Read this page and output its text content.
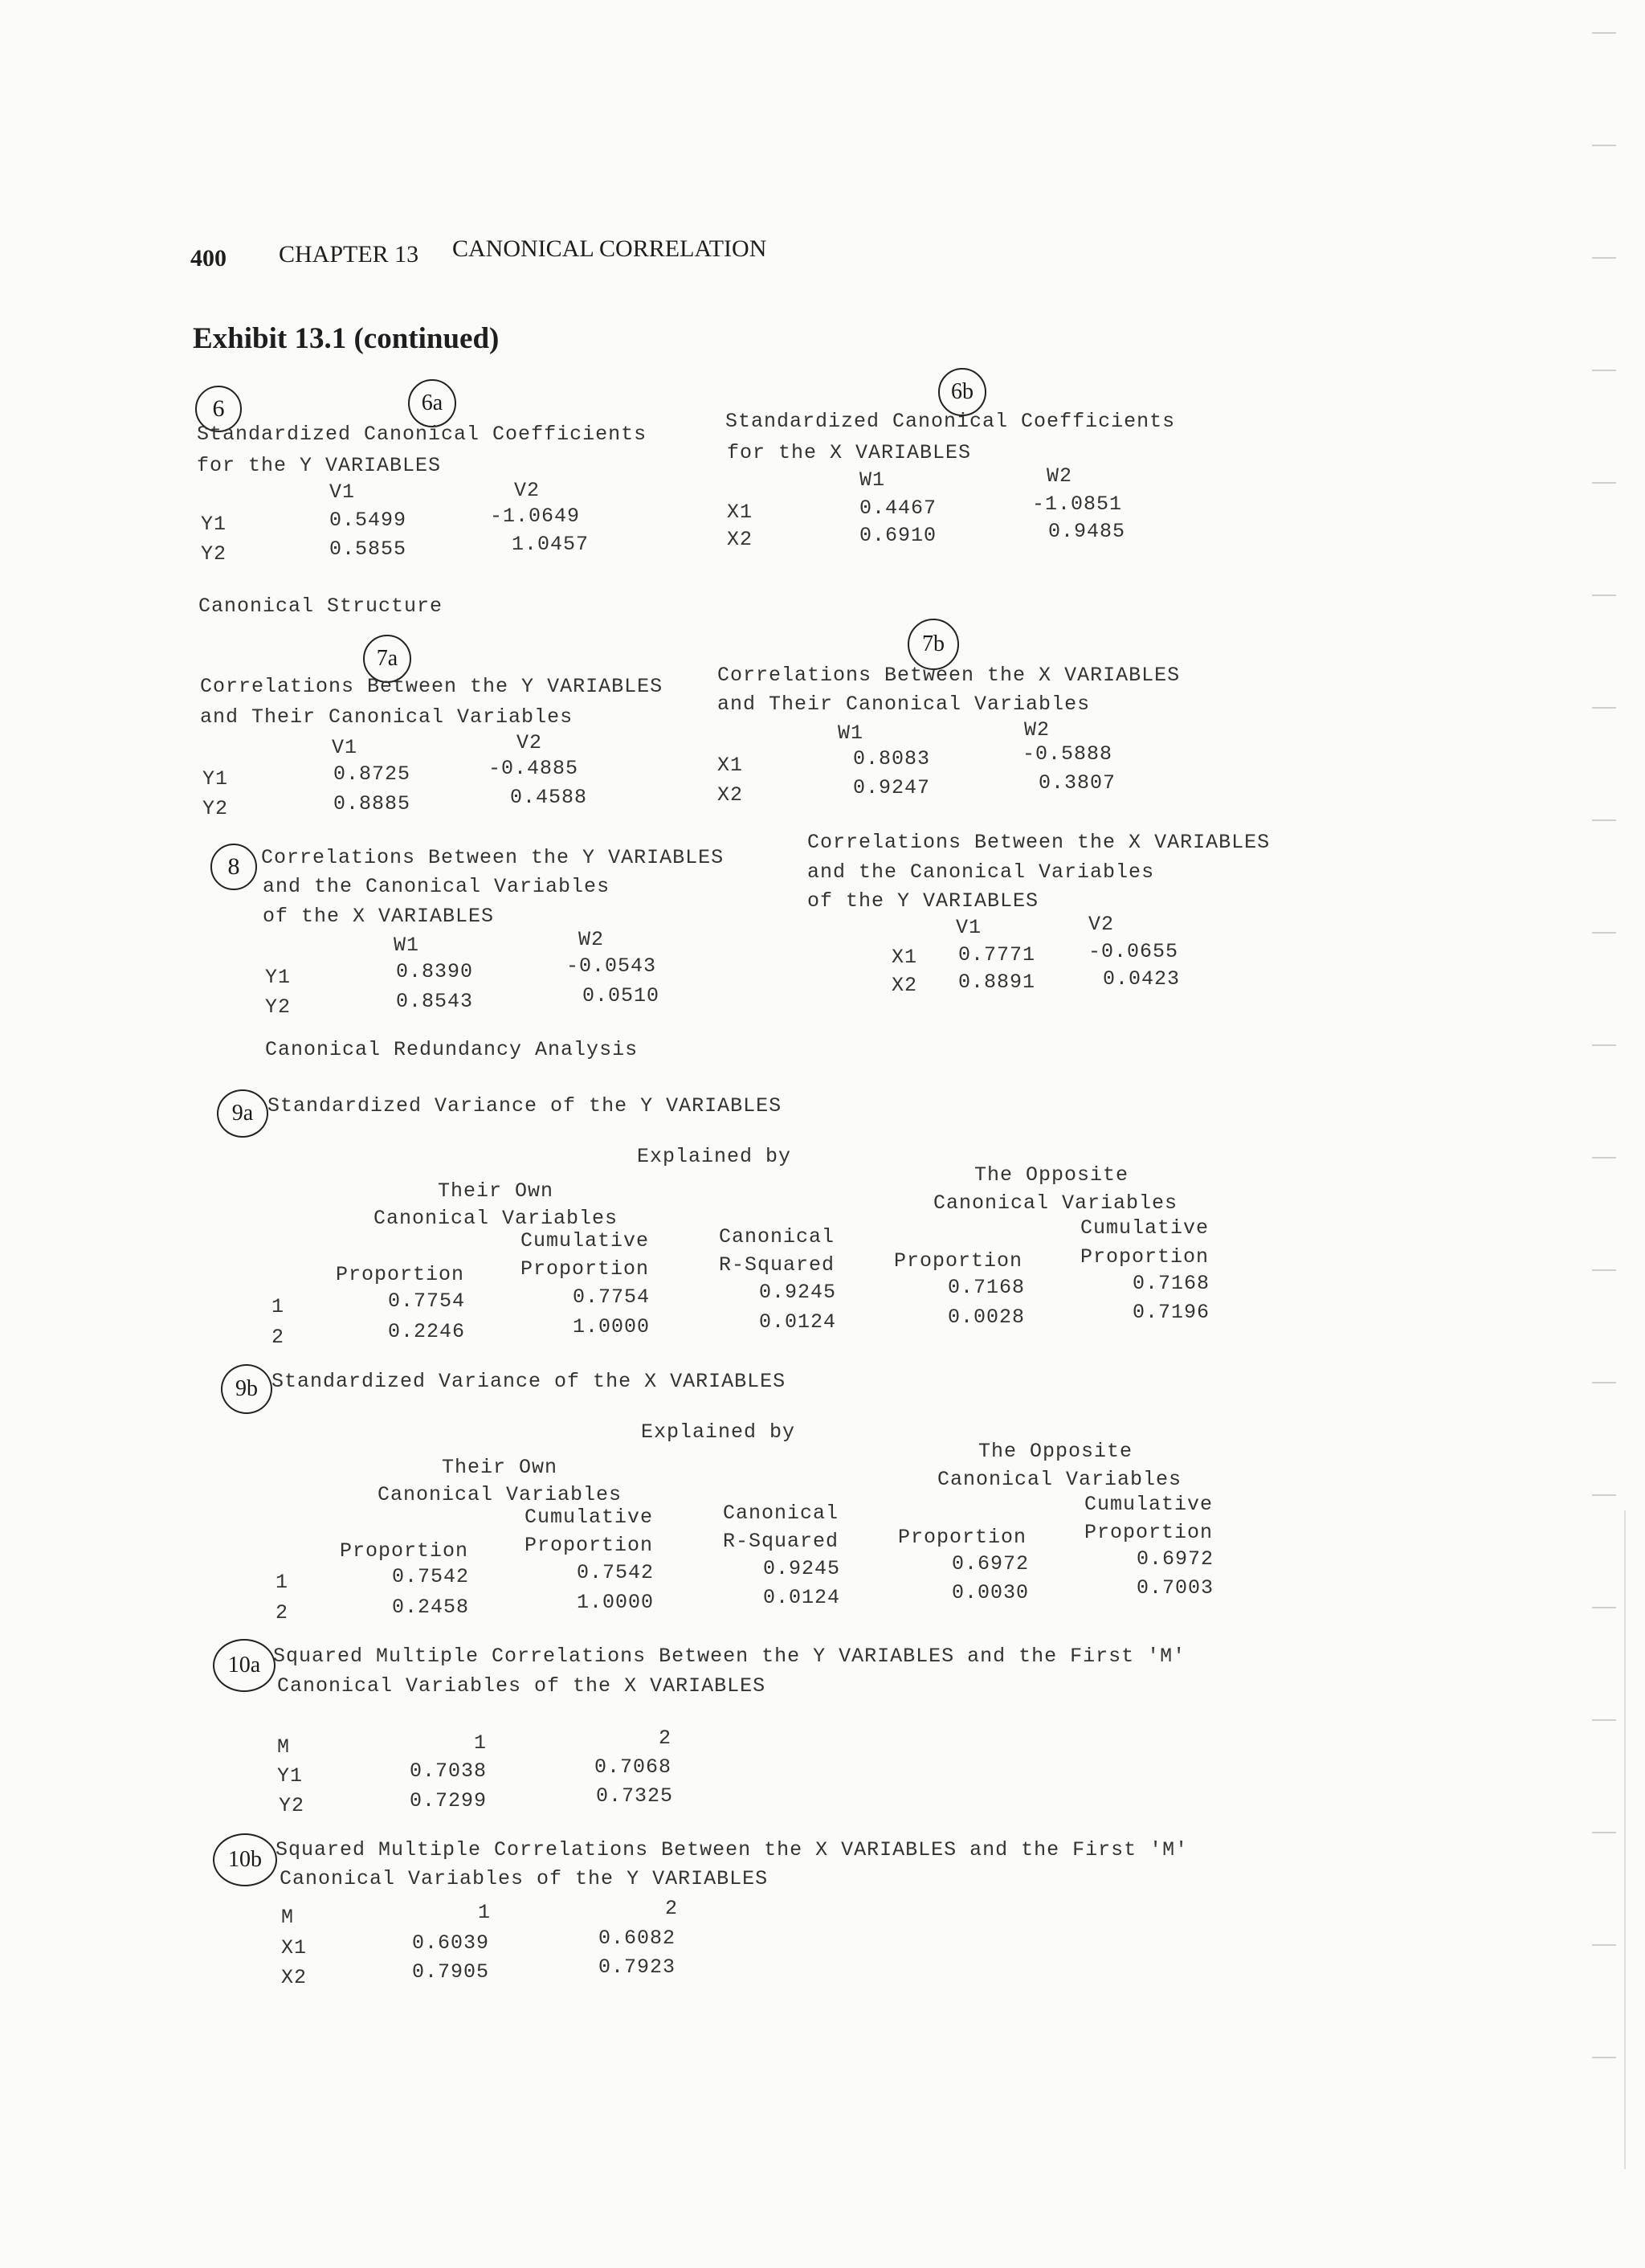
400 CHAPTER 13 CANONICAL CORRELATION
Exhibit 13.1 (continued)
6	6a	6b
Standardized Canonical Coefficients
for the Y VARIABLES
V1	V2
Y1	0.5499	-1.0649
Y2	0.5855	1.0457
Standardized Canonical Coefficients
for the X VARIABLES
W1	W2
X1	0.4467	-1.0851
X2	0.6910	0.9485
Canonical Structure
7a
7b
Correlations Between the Y VARIABLES
and Their Canonical Variables
V1	V2
Y1	0.8725	-0.4885
Y2	0.8885	0.4588
Correlations Between the X VARIABLES
and Their Canonical Variables
W1	W2
X1	0.8083	-0.5888
X2	0.9247	0.3807
8	Correlations Between the Y VARIABLES
and the Canonical Variables
of the X VARIABLES
W1	W2
Y1	0.8390	-0.0543
Y2	0.8543	0.0510
Correlations Between the X VARIABLES
and the Canonical Variables
of the Y VARIABLES
V1	V2
X1 0.7771	-0.0655
X2 0.8891	0.0423
Canonical Redundancy Analysis
9a Standardized Variance of the Y VARIABLES
Explained by
Their Own
Canonical Variables
The Opposite
Canonical Variables
Cumulative	Canonical	Cumulative
Proportion	Proportion	R-Squared	Proportion	Proportion
1	0.7754	0.7754	0.9245	0.7168	0.7168
2	0.2246	1.0000	0.0124	0.0028	0.7196
9b Standardized Variance of the X VARIABLES
Explained by
Their Own
Canonical Variables
The Opposite
Canonical Variables
Cumulative	Canonical	Cumulative
Proportion	Proportion	R-Squared	Proportion	Proportion
1	0.7542	0.7542	0.9245	0.6972	0.6972
2	0.2458	1.0000	0.0124	0.0030	0.7003
10a Squared Multiple Correlations Between the Y VARIABLES and the First 'M'
Canonical Variables of the X VARIABLES
M	1	2
Y1	0.7038	0.7068
Y2	0.7299	0.7325
10b Squared Multiple Correlations Between the X VARIABLES and the First 'M'
Canonical Variables of the Y VARIABLES
M	1	2
X1	0.6039	0.6082
X2	0.7905	0.7923
